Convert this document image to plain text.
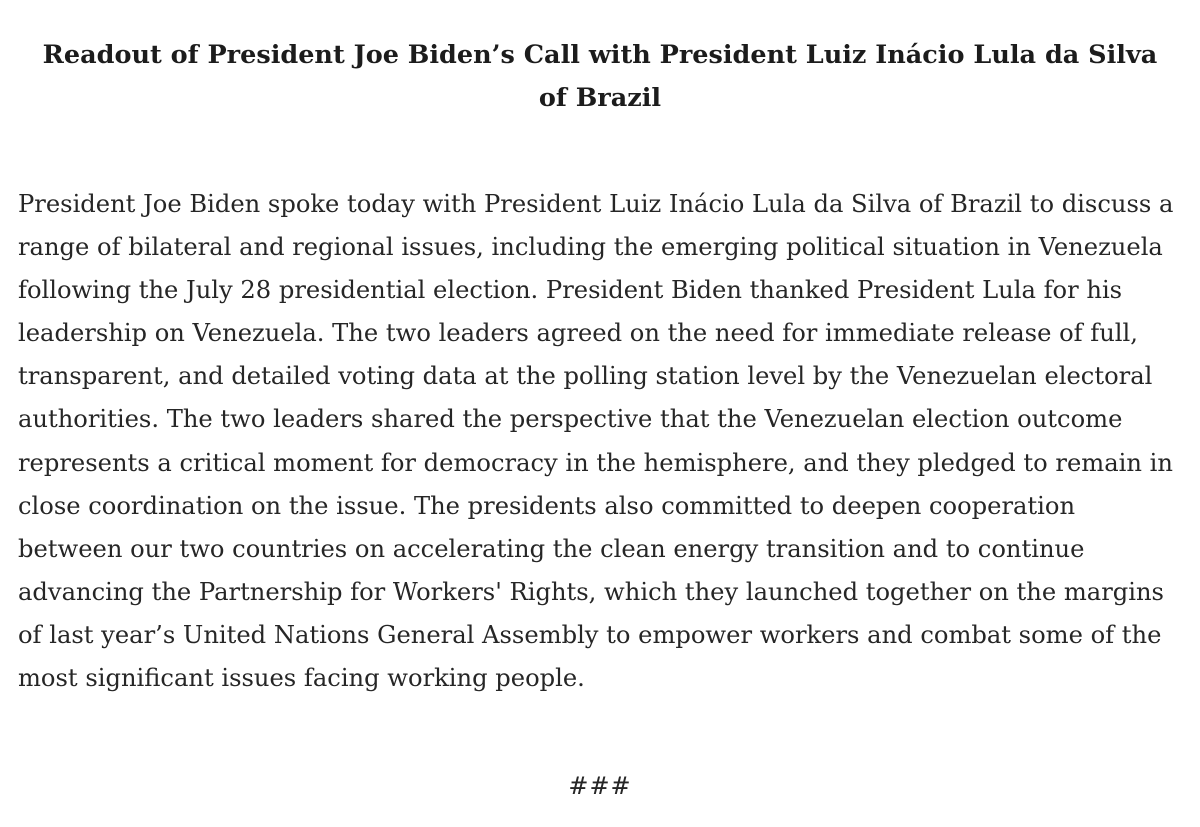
Readout of President Joe Biden’s Call with President Luiz Inácio Lula da Silva of Brazil

President Joe Biden spoke today with President Luiz Inácio Lula da Silva of Brazil to discuss a range of bilateral and regional issues, including the emerging political situation in Venezuela following the July 28 presidential election. President Biden thanked President Lula for his leadership on Venezuela. The two leaders agreed on the need for immediate release of full, transparent, and detailed voting data at the polling station level by the Venezuelan electoral authorities. The two leaders shared the perspective that the Venezuelan election outcome represents a critical moment for democracy in the hemisphere, and they pledged to remain in close coordination on the issue. The presidents also committed to deepen cooperation between our two countries on accelerating the clean energy transition and to continue advancing the Partnership for Workers' Rights, which they launched together on the margins of last year’s United Nations General Assembly to empower workers and combat some of the most significant issues facing working people.

###
